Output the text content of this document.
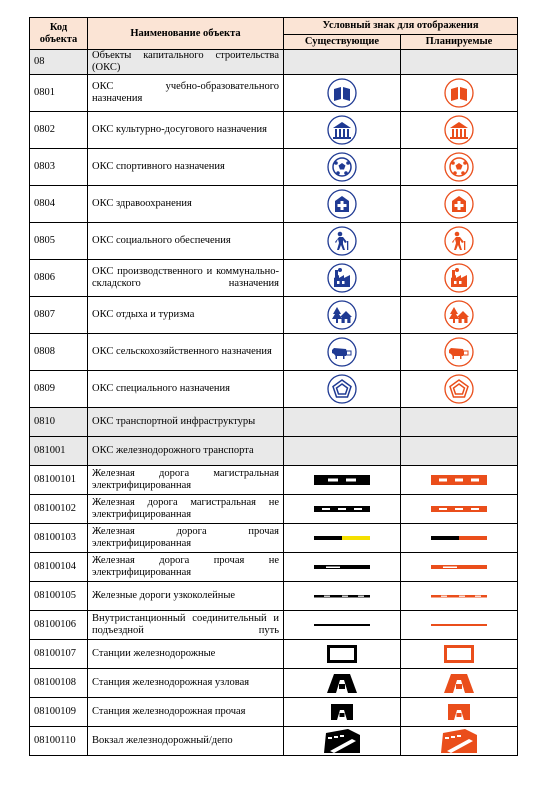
Код объекта	Наименование объекта	Условный знак для отображения	
		Существующие	Планируемые
08	Объекты капитального строительства (ОКС)		
0801	ОКС учебно-образовательного назначения		
0802	ОКС культурно-досугового назначения		
0803	ОКС спортивного назначения		
0804	ОКС здравоохранения		
0805	ОКС социального обеспечения		
0806	ОКС производственного и коммунально-складского назначения		
0807	ОКС отдыха и туризма		
0808	ОКС сельскохозяйственного назначения		
0809	ОКС специального назначения		
0810	ОКС транспортной инфраструктуры		
081001	ОКС железнодорожного транспорта		
08100101	Железная дорога магистральная электрифицированная		
08100102	Железная дорога магистральная не электрифицированная		
08100103	Железная дорога прочая электрифицированная		
08100104	Железная дорога прочая не электрифицированная		
08100105	Железные дороги узкоколейные		
08100106	Внутристанционный соединительный и подъездной путь		
08100107	Станции железнодорожные		
08100108	Станция железнодорожная узловая		
08100109	Станция железнодорожная прочая		
08100110	Вокзал железнодорожный/депо		
